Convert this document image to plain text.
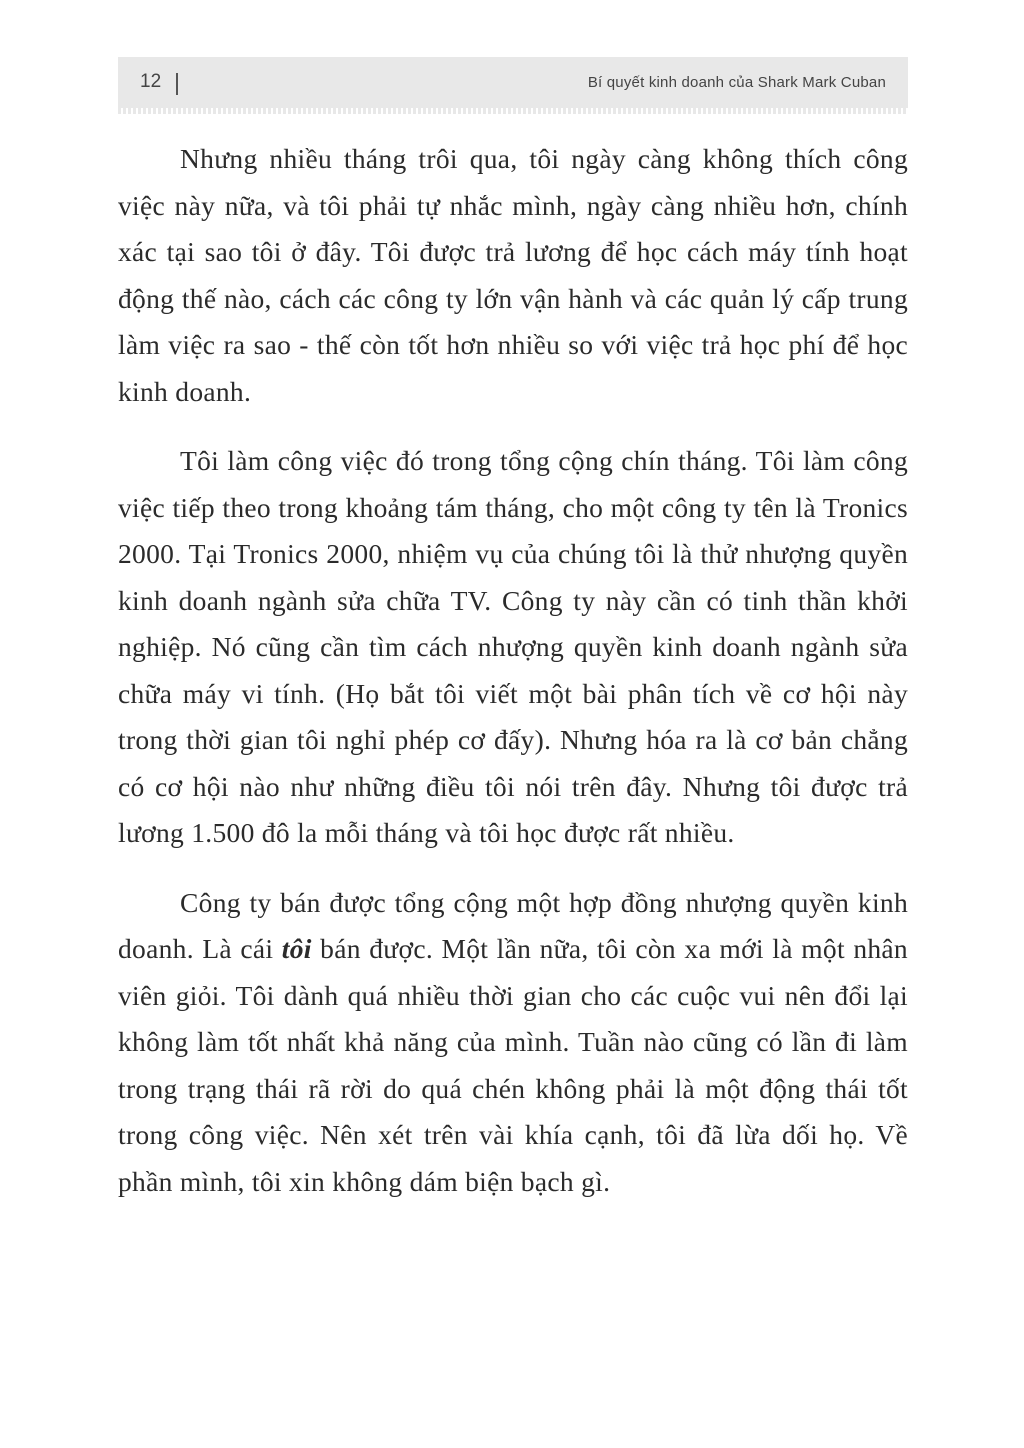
12	Bí quyết kinh doanh của Shark Mark Cuban

Nhưng nhiều tháng trôi qua, tôi ngày càng không thích công việc này nữa, và tôi phải tự nhắc mình, ngày càng nhiều hơn, chính xác tại sao tôi ở đây. Tôi được trả lương để học cách máy tính hoạt động thế nào, cách các công ty lớn vận hành và các quản lý cấp trung làm việc ra sao - thế còn tốt hơn nhiều so với việc trả học phí để học kinh doanh.

Tôi làm công việc đó trong tổng cộng chín tháng. Tôi làm công việc tiếp theo trong khoảng tám tháng, cho một công ty tên là Tronics 2000. Tại Tronics 2000, nhiệm vụ của chúng tôi là thử nhượng quyền kinh doanh ngành sửa chữa TV. Công ty này cần có tinh thần khởi nghiệp. Nó cũng cần tìm cách nhượng quyền kinh doanh ngành sửa chữa máy vi tính. (Họ bắt tôi viết một bài phân tích về cơ hội này trong thời gian tôi nghỉ phép cơ đấy). Nhưng hóa ra là cơ bản chẳng có cơ hội nào như những điều tôi nói trên đây. Nhưng tôi được trả lương 1.500 đô la mỗi tháng và tôi học được rất nhiều.

Công ty bán được tổng cộng một hợp đồng nhượng quyền kinh doanh. Là cái tôi bán được. Một lần nữa, tôi còn xa mới là một nhân viên giỏi. Tôi dành quá nhiều thời gian cho các cuộc vui nên đổi lại không làm tốt nhất khả năng của mình. Tuần nào cũng có lần đi làm trong trạng thái rã rời do quá chén không phải là một động thái tốt trong công việc. Nên xét trên vài khía cạnh, tôi đã lừa dối họ. Về phần mình, tôi xin không dám biện bạch gì.
